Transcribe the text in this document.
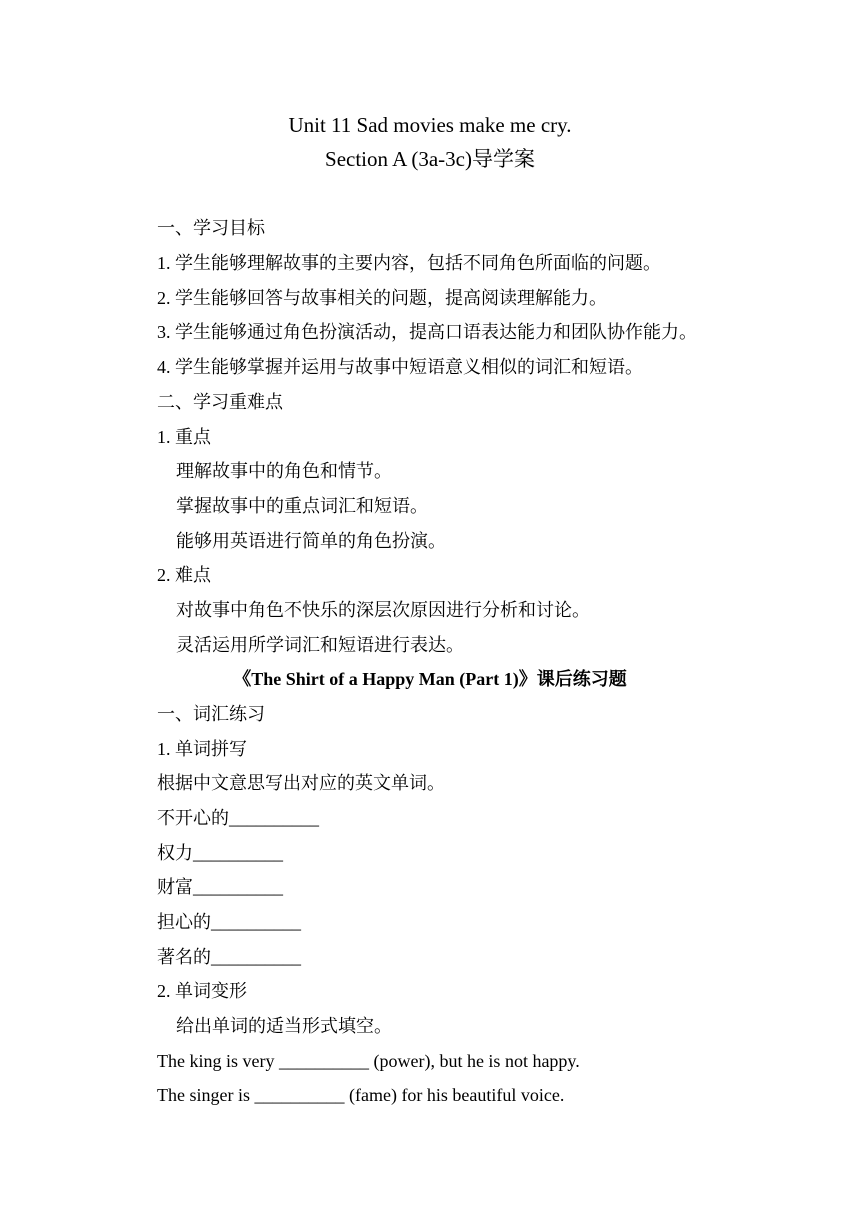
Unit 11 Sad movies make me cry.
Section A (3a-3c)导学案
一、学习目标
1. 学生能够理解故事的主要内容，包括不同角色所面临的问题。
2. 学生能够回答与故事相关的问题，提高阅读理解能力。
3. 学生能够通过角色扮演活动，提高口语表达能力和团队协作能力。
4. 学生能够掌握并运用与故事中短语意义相似的词汇和短语。
二、学习重难点
1. 重点
理解故事中的角色和情节。
掌握故事中的重点词汇和短语。
能够用英语进行简单的角色扮演。
2. 难点
对故事中角色不快乐的深层次原因进行分析和讨论。
灵活运用所学词汇和短语进行表达。
《The Shirt of a Happy Man (Part 1)》课后练习题
一、词汇练习
1. 单词拼写
根据中文意思写出对应的英文单词。
不开心的__________
权力__________
财富__________
担心的__________
著名的__________
2. 单词变形
给出单词的适当形式填空。
The king is very __________ (power), but he is not happy.
The singer is __________ (fame) for his beautiful voice.
